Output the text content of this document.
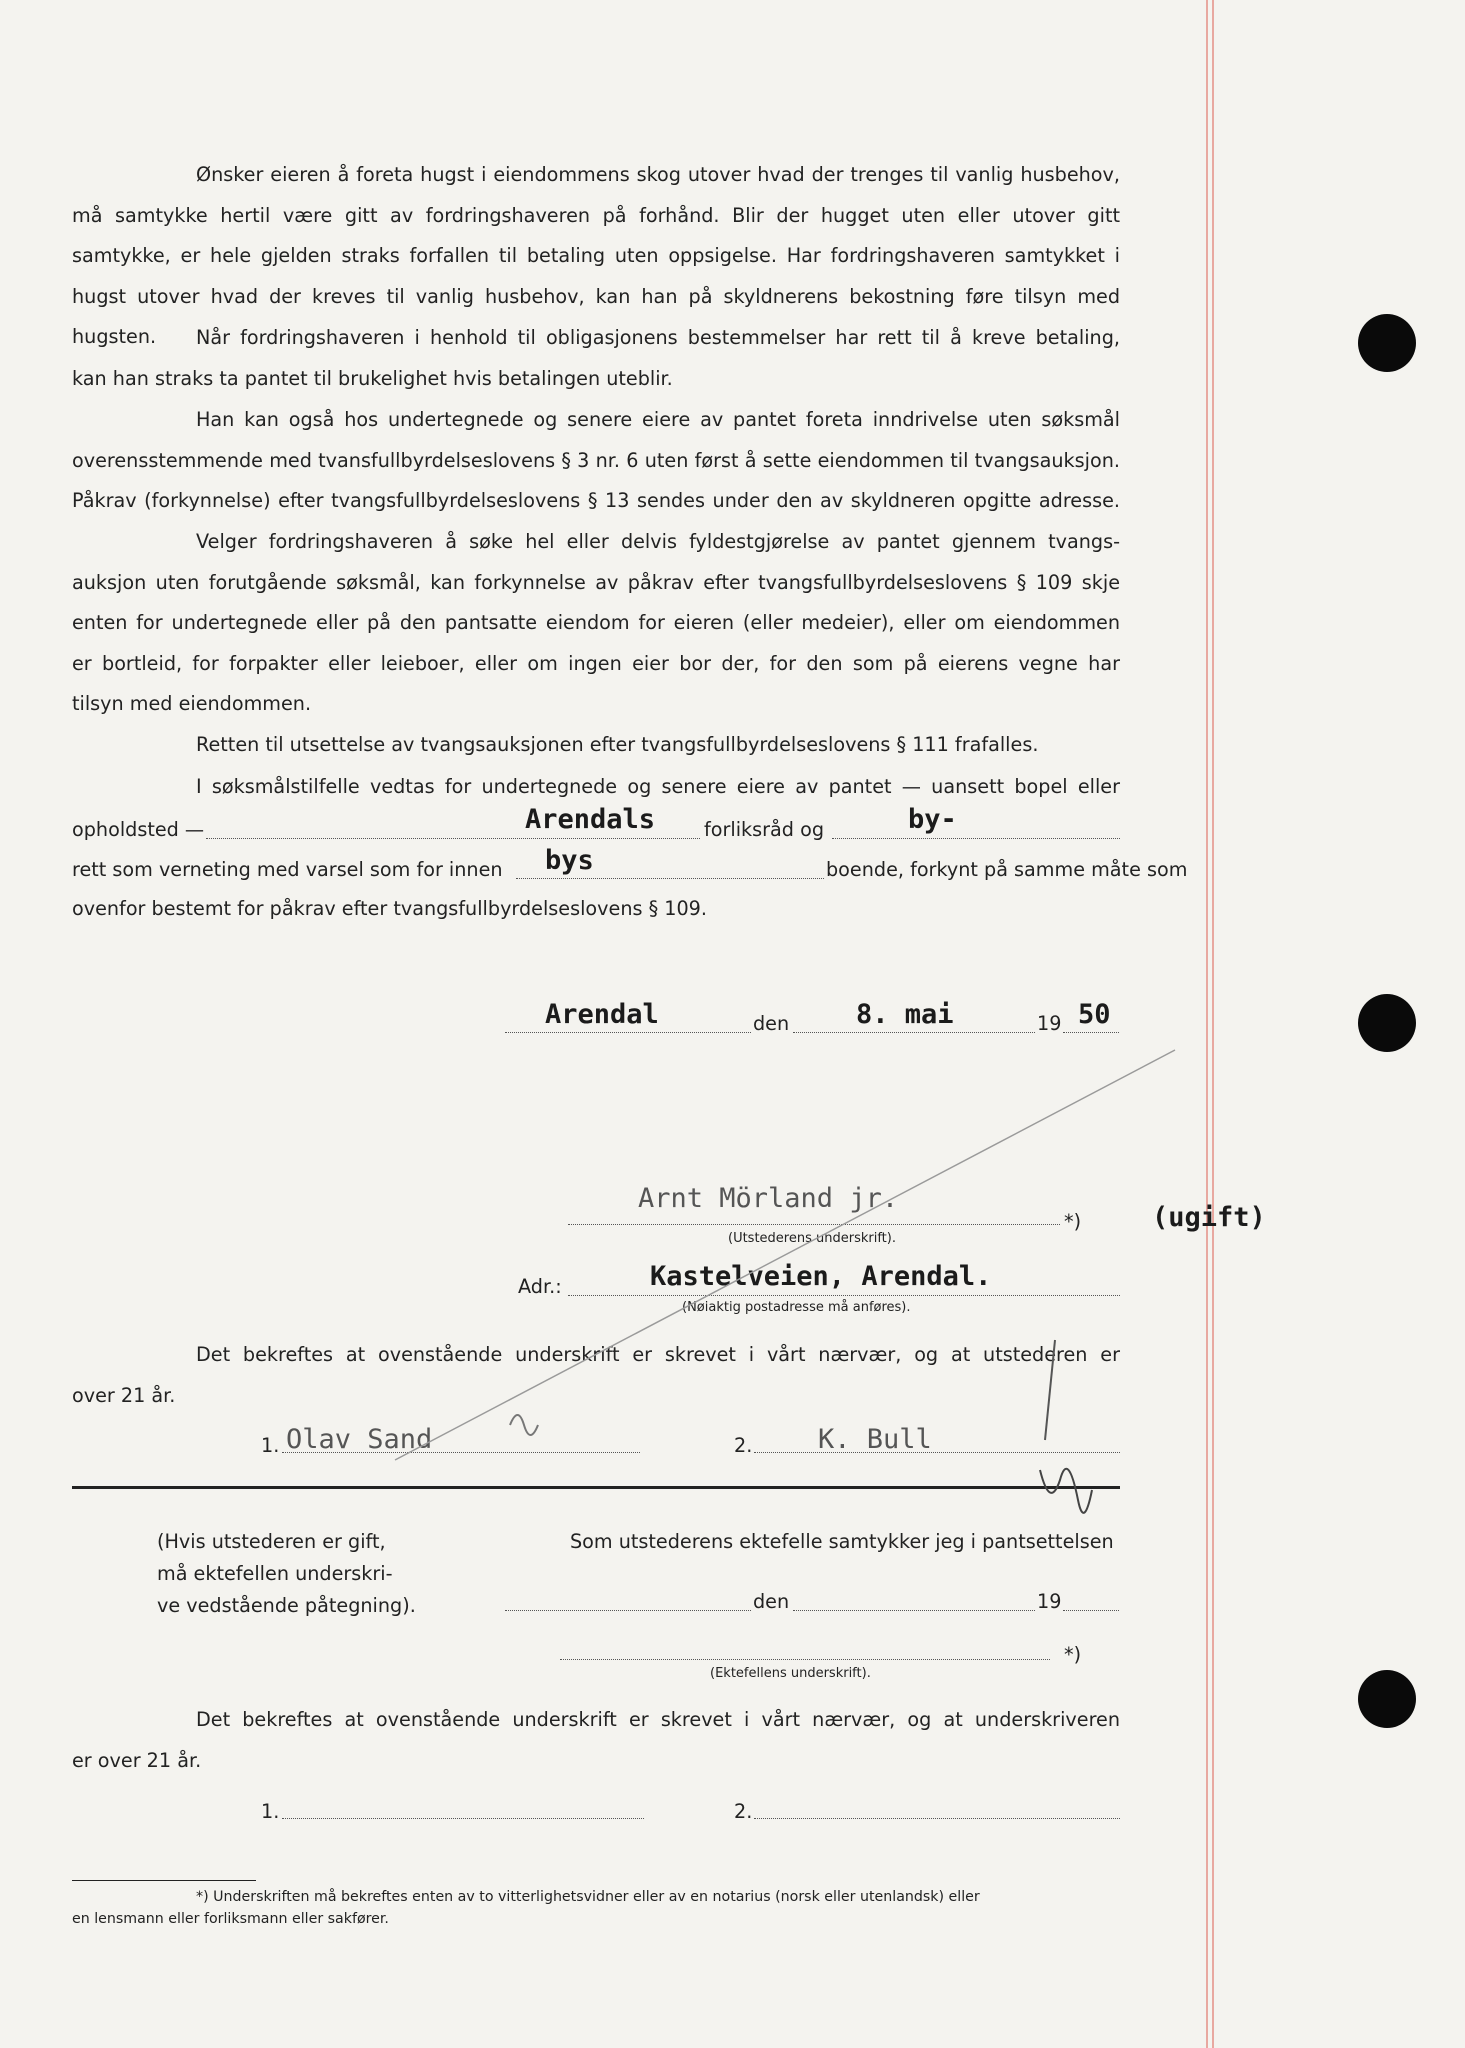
Ønsker eieren å foreta hugst i eiendommens skog utover hvad der trenges til vanlig husbehov,
må samtykke hertil være gitt av fordringshaveren på forhånd. Blir der hugget uten eller utover gitt
samtykke, er hele gjelden straks forfallen til betaling uten oppsigelse. Har fordringshaveren samtykket i
hugst utover hvad der kreves til vanlig husbehov, kan han på skyldnerens bekostning føre tilsyn med hugsten.	Når fordringshaveren i henhold til obligasjonens bestemmelser har rett til å kreve betaling,
kan han straks ta pantet til brukelighet hvis betalingen uteblir.
Han kan også hos undertegnede og senere eiere av pantet foreta inndrivelse uten søksmål
overensstemmende med tvansfullbyrdelseslovens § 3 nr. 6 uten først å sette eiendommen til tvangsauksjon.
Påkrav (forkynnelse) efter tvangsfullbyrdelseslovens § 13 sendes under den av skyldneren opgitte adresse.
Velger fordringshaveren å søke hel eller delvis fyldestgjørelse av pantet gjennem tvangs-
auksjon uten forutgående søksmål, kan forkynnelse av påkrav efter tvangsfullbyrdelseslovens § 109 skje
enten for undertegnede eller på den pantsatte eiendom for eieren (eller medeier), eller om eiendommen
er bortleid, for forpakter eller leieboer, eller om ingen eier bor der, for den som på eierens vegne har
tilsyn med eiendommen.
Retten til utsettelse av tvangsauksjonen efter tvangsfullbyrdelseslovens § 111 frafalles.
I søksmålstilfelle vedtas for undertegnede og senere eiere av pantet — uansett bopel eller
opholdsted —	Arendals	forliksråd og	by-
rett som verneting med varsel som for innen bys	boende, forkynt på samme måte som
ovenfor bestemt for påkrav efter tvangsfullbyrdelseslovens § 109.
Arendal	den 8. mai	19 50
Arnt Mörland jr.
*)	(ugift)
(Utstederens underskrift).
Adr.:	Kastelveien, Arendal.
(Nøiaktig postadresse må anføres).
Det bekreftes at ovenstående underskrift er skrevet i vårt nærvær, og at utstederen er
over 21 år.
1. Olav Sand	2. K. Bull
(Hvis utstederen er gift,
må ektefellen underskri-
ve vedstående påtegning).
Som utstederens ektefelle samtykker jeg i pantsettelsen
den	19
*)
(Ektefellens underskrift).
Det bekreftes at ovenstående underskrift er skrevet i vårt nærvær, og at underskriveren
er over 21 år.
1.	2.
*) Underskriften må bekreftes enten av to vitterlighetsvidner eller av en notarius (norsk eller utenlandsk) eller
en lensmann eller forliksmann eller sakfører.
